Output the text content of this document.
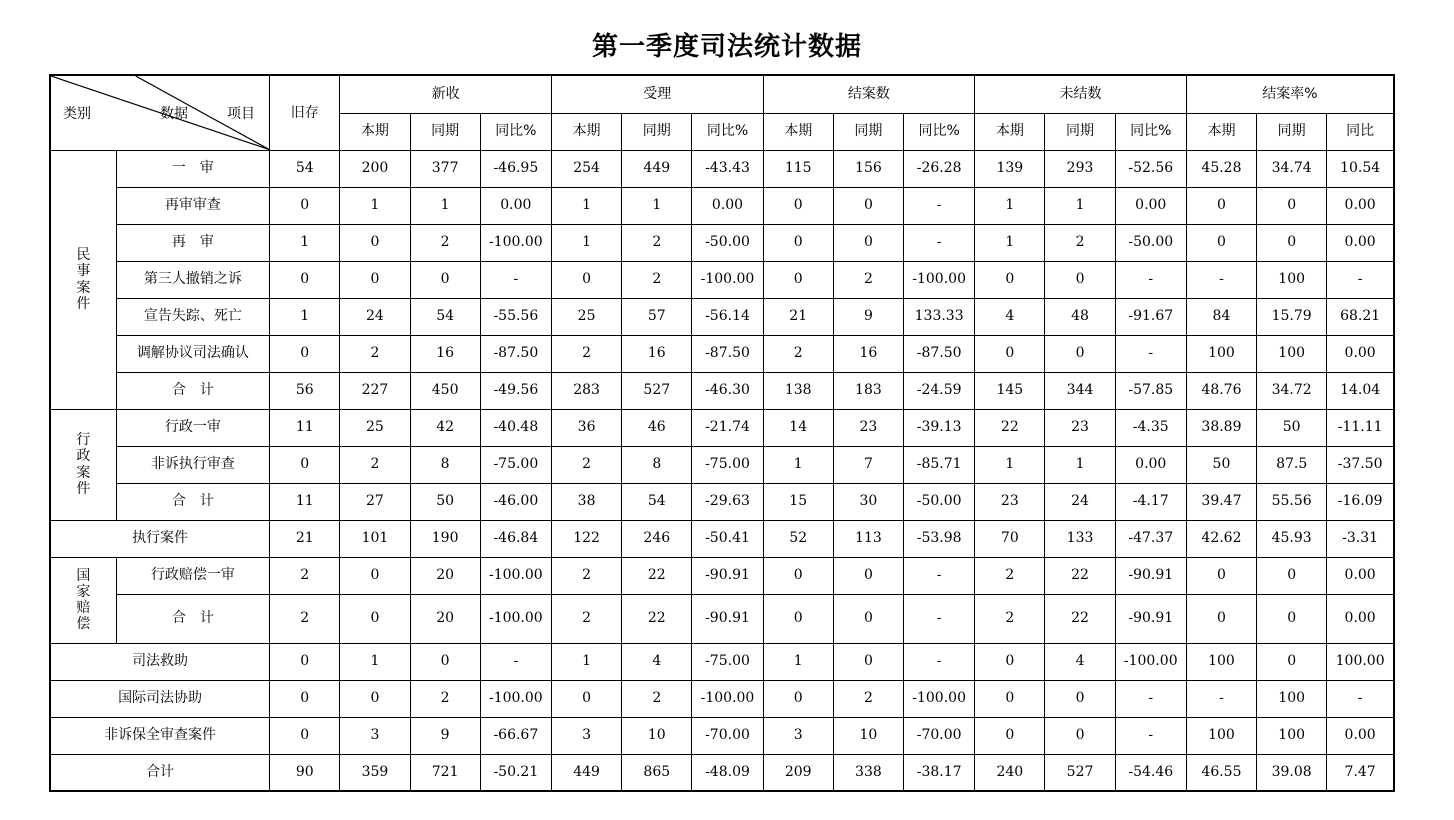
第一季度司法统计数据
类别 数据 项目		旧存	新收			受理			结案数			未结数			结案率%		
			本期	同期	同比%	本期	同期	同比%	本期	同期	同比%	本期	同期	同比%	本期	同期	同比

民
事
案
件	一　审	54	200	377	-46.95	254	449	-43.43	115	156	-26.28	139	293	-52.56	45.28	34.74	10.54
	再审审查	0	1	1	0.00	1	1	0.00	0	0	-	1	1	0.00	0	0	0.00
	再　审	1	0	2	-100.00	1	2	-50.00	0	0	-	1	2	-50.00	0	0	0.00
	第三人撤销之诉	0	0	0	-	0	2	-100.00	0	2	-100.00	0	0	-	-	100	-
	宣告失踪、死亡	1	24	54	-55.56	25	57	-56.14	21	9	133.33	4	48	-91.67	84	15.79	68.21
	调解协议司法确认	0	2	16	-87.50	2	16	-87.50	2	16	-87.50	0	0	-	100	100	0.00
	合　计	56	227	450	-49.56	283	527	-46.30	138	183	-24.59	145	344	-57.85	48.76	34.72	14.04

行
政
案
件	行政一审	11	25	42	-40.48	36	46	-21.74	14	23	-39.13	22	23	-4.35	38.89	50	-11.11
	非诉执行审查	0	2	8	-75.00	2	8	-75.00	1	7	-85.71	1	1	0.00	50	87.5	-37.50
	合　计	11	27	50	-46.00	38	54	-29.63	15	30	-50.00	23	24	-4.17	39.47	55.56	-16.09
执行案件		21	101	190	-46.84	122	246	-50.41	52	113	-53.98	70	133	-47.37	42.62	45.93	-3.31

国
家
赔
偿	行政赔偿一审	2	0	20	-100.00	2	22	-90.91	0	0	-	2	22	-90.91	0	0	0.00
	合　计	2	0	20	-100.00	2	22	-90.91	0	0	-	2	22	-90.91	0	0	0.00
司法救助		0	1	0	-	1	4	-75.00	1	0	-	0	4	-100.00	100	0	100.00
国际司法协助		0	0	2	-100.00	0	2	-100.00	0	2	-100.00	0	0	-	-	100	-
非诉保全审查案件		0	3	9	-66.67	3	10	-70.00	3	10	-70.00	0	0	-	100	100	0.00
合计		90	359	721	-50.21	449	865	-48.09	209	338	-38.17	240	527	-54.46	46.55	39.08	7.47
